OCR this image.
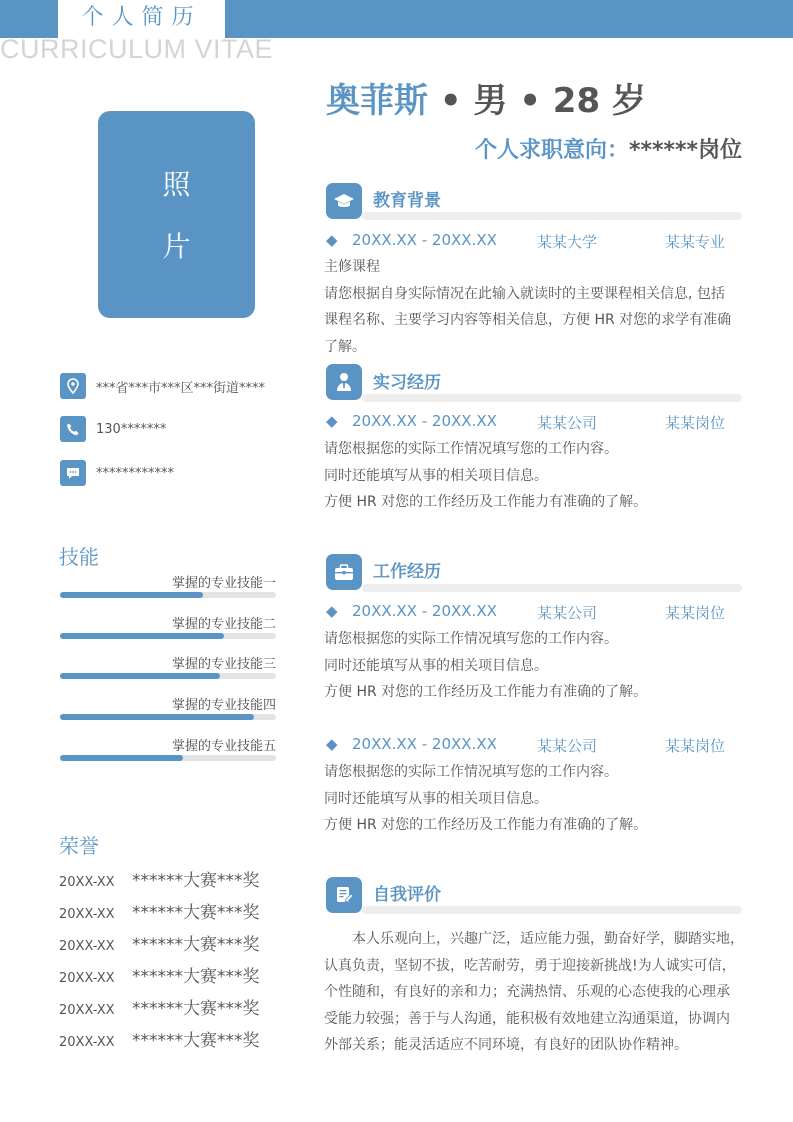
个人简历
CURRICULUM VITAE
照
片
***省***市***区***街道****
130*******
************
技能
掌握的专业技能一
掌握的专业技能二
掌握的专业技能三
掌握的专业技能四
掌握的专业技能五
荣誉
20XX-XX	******大赛***奖
20XX-XX	******大赛***奖
20XX-XX	******大赛***奖
20XX-XX	******大赛***奖
20XX-XX	******大赛***奖
20XX-XX	******大赛***奖
奥菲斯 • 男 • 28 岁
个人求职意向：******岗位
教育背景
◆ 20XX.XX - 20XX.XX	某某大学	某某专业
主修课程
请您根据自身实际情况在此输入就读时的主要课程相关信息, 包括
课程名称、主要学习内容等相关信息，方便 HR 对您的求学有准确
了解。
实习经历
◆ 20XX.XX - 20XX.XX	某某公司	某某岗位
请您根据您的实际工作情况填写您的工作内容。
同时还能填写从事的相关项目信息。
方便 HR 对您的工作经历及工作能力有准确的了解。
工作经历
◆ 20XX.XX - 20XX.XX	某某公司	某某岗位
请您根据您的实际工作情况填写您的工作内容。
同时还能填写从事的相关项目信息。
方便 HR 对您的工作经历及工作能力有准确的了解。
◆ 20XX.XX - 20XX.XX	某某公司	某某岗位
请您根据您的实际工作情况填写您的工作内容。
同时还能填写从事的相关项目信息。
方便 HR 对您的工作经历及工作能力有准确的了解。
自我评价
　　本人乐观向上，兴趣广泛，适应能力强，勤奋好学，脚踏实地，
认真负责，坚韧不拔，吃苦耐劳，勇于迎接新挑战!为人诚实可信，
个性随和，有良好的亲和力；充满热情、乐观的心态使我的心理承
受能力较强；善于与人沟通，能积极有效地建立沟通渠道，协调内
外部关系；能灵活适应不同环境，有良好的团队协作精神。
